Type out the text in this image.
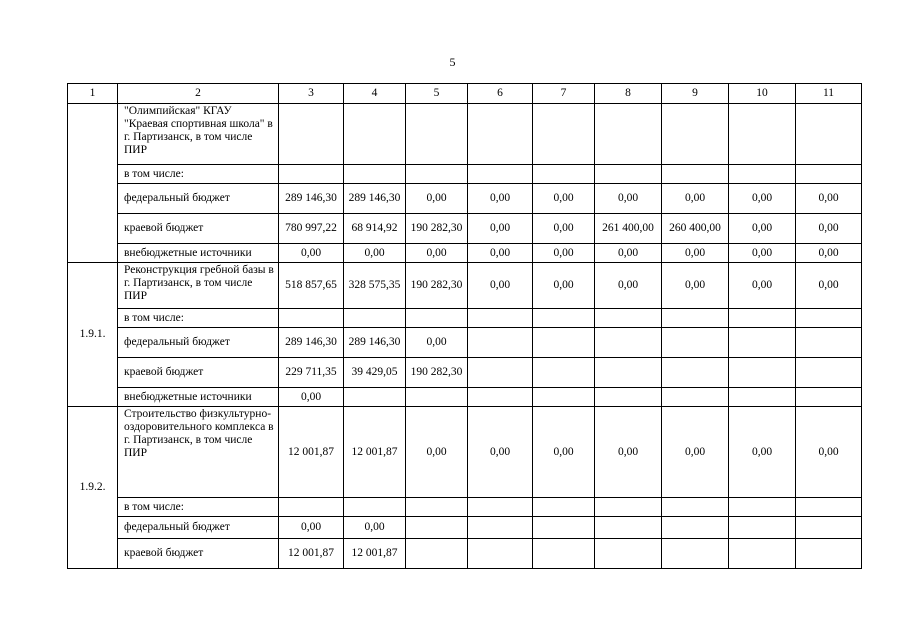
5
1	2	3	4	5	6	7	8	9	10	11
	"Олимпийская" КГАУ "Краевая спортивная школа" в г. Партизанск, в том числе ПИР									
	в том числе:									
	федеральный бюджет	289 146,30	289 146,30	0,00	0,00	0,00	0,00	0,00	0,00	0,00
	краевой бюджет	780 997,22	68 914,92	190 282,30	0,00	0,00	261 400,00	260 400,00	0,00	0,00
	внебюджетные источники	0,00	0,00	0,00	0,00	0,00	0,00	0,00	0,00	0,00
1.9.1.	Реконструкция гребной базы в г. Партизанск, в том числе ПИР	518 857,65	328 575,35	190 282,30	0,00	0,00	0,00	0,00	0,00	0,00
	в том числе:									
	федеральный бюджет	289 146,30	289 146,30	0,00						
	краевой бюджет	229 711,35	39 429,05	190 282,30						
	внебюджетные источники	0,00								
1.9.2.	Строительство физкультурно-оздоровительного комплекса в г. Партизанск, в том числе ПИР	12 001,87	12 001,87	0,00	0,00	0,00	0,00	0,00	0,00	0,00
	в том числе:									
	федеральный бюджет	0,00	0,00							
	краевой бюджет	12 001,87	12 001,87							
